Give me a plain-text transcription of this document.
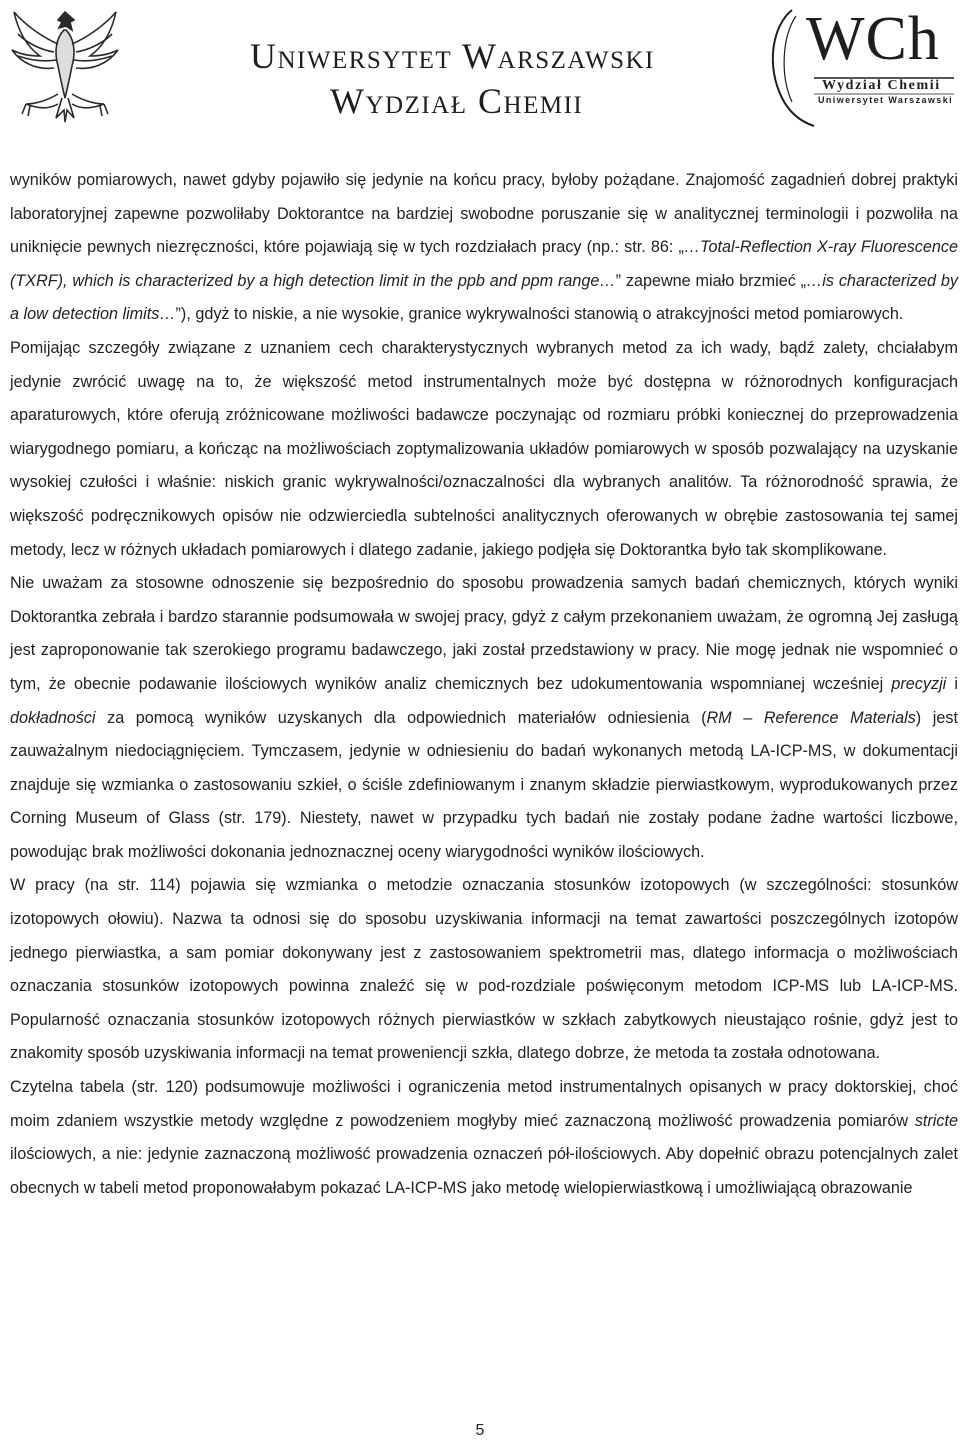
Uniwersytet Warszawski
Wydział Chemii
WCh
Wydział Chemii
Uniwersytet Warszawski

wyników pomiarowych, nawet gdyby pojawiło się jedynie na końcu pracy, byłoby pożądane. Znajomość zagadnień dobrej praktyki laboratoryjnej zapewne pozwoliłaby Doktorantce na bardziej swobodne poruszanie się w analitycznej terminologii i pozwoliła na uniknięcie pewnych niezręczności, które pojawiają się w tych rozdziałach pracy (np.: str. 86: „…Total-Reflection X-ray Fluorescence (TXRF), which is characterized by a high detection limit in the ppb and ppm range…” zapewne miało brzmieć „…is characterized by a low detection limits…”), gdyż to niskie, a nie wysokie, granice wykrywalności stanowią o atrakcyjności metod pomiarowych.

Pomijając szczegóły związane z uznaniem cech charakterystycznych wybranych metod za ich wady, bądź zalety, chciałabym jedynie zwrócić uwagę na to, że większość metod instrumentalnych może być dostępna w różnorodnych konfiguracjach aparaturowych, które oferują zróżnicowane możliwości badawcze poczynając od rozmiaru próbki koniecznej do przeprowadzenia wiarygodnego pomiaru, a kończąc na możliwościach zoptymalizowania układów pomiarowych w sposób pozwalający na uzyskanie wysokiej czułości i właśnie: niskich granic wykrywalności/oznaczalności dla wybranych analitów. Ta różnorodność sprawia, że większość podręcznikowych opisów nie odzwierciedla subtelności analitycznych oferowanych w obrębie zastosowania tej samej metody, lecz w różnych układach pomiarowych i dlatego zadanie, jakiego podjęła się Doktorantka było tak skomplikowane.

Nie uważam za stosowne odnoszenie się bezpośrednio do sposobu prowadzenia samych badań chemicznych, których wyniki Doktorantka zebrała i bardzo starannie podsumowała w swojej pracy, gdyż z całym przekonaniem uważam, że ogromną Jej zasługą jest zaproponowanie tak szerokiego programu badawczego, jaki został przedstawiony w pracy. Nie mogę jednak nie wspomnieć o tym, że obecnie podawanie ilościowych wyników analiz chemicznych bez udokumentowania wspomnianej wcześniej precyzji i dokładności za pomocą wyników uzyskanych dla odpowiednich materiałów odniesienia (RM – Reference Materials) jest zauważalnym niedociągnięciem. Tymczasem, jedynie w odniesieniu do badań wykonanych metodą LA-ICP-MS, w dokumentacji znajduje się wzmianka o zastosowaniu szkieł, o ściśle zdefiniowanym i znanym składzie pierwiastkowym, wyprodukowanych przez Corning Museum of Glass (str. 179). Niestety, nawet w przypadku tych badań nie zostały podane żadne wartości liczbowe, powodując brak możliwości dokonania jednoznacznej oceny wiarygodności wyników ilościowych.

W pracy (na str. 114) pojawia się wzmianka o metodzie oznaczania stosunków izotopowych (w szczególności: stosunków izotopowych ołowiu). Nazwa ta odnosi się do sposobu uzyskiwania informacji na temat zawartości poszczególnych izotopów jednego pierwiastka, a sam pomiar dokonywany jest z zastosowaniem spektrometrii mas, dlatego informacja o możliwościach oznaczania stosunków izotopowych powinna znaleźć się w pod-rozdziale poświęconym metodom ICP-MS lub LA-ICP-MS. Popularność oznaczania stosunków izotopowych różnych pierwiastków w szkłach zabytkowych nieustająco rośnie, gdyż jest to znakomity sposób uzyskiwania informacji na temat proweniencji szkła, dlatego dobrze, że metoda ta została odnotowana.

Czytelna tabela (str. 120) podsumowuje możliwości i ograniczenia metod instrumentalnych opisanych w pracy doktorskiej, choć moim zdaniem wszystkie metody względne z powodzeniem mogłyby mieć zaznaczoną możliwość prowadzenia pomiarów stricte ilościowych, a nie: jedynie zaznaczoną możliwość prowadzenia oznaczeń pół-ilościowych. Aby dopełnić obrazu potencjalnych zalet obecnych w tabeli metod proponowałabym pokazać LA-ICP-MS jako metodę wielopierwiastkową i umożliwiającą obrazowanie

5
